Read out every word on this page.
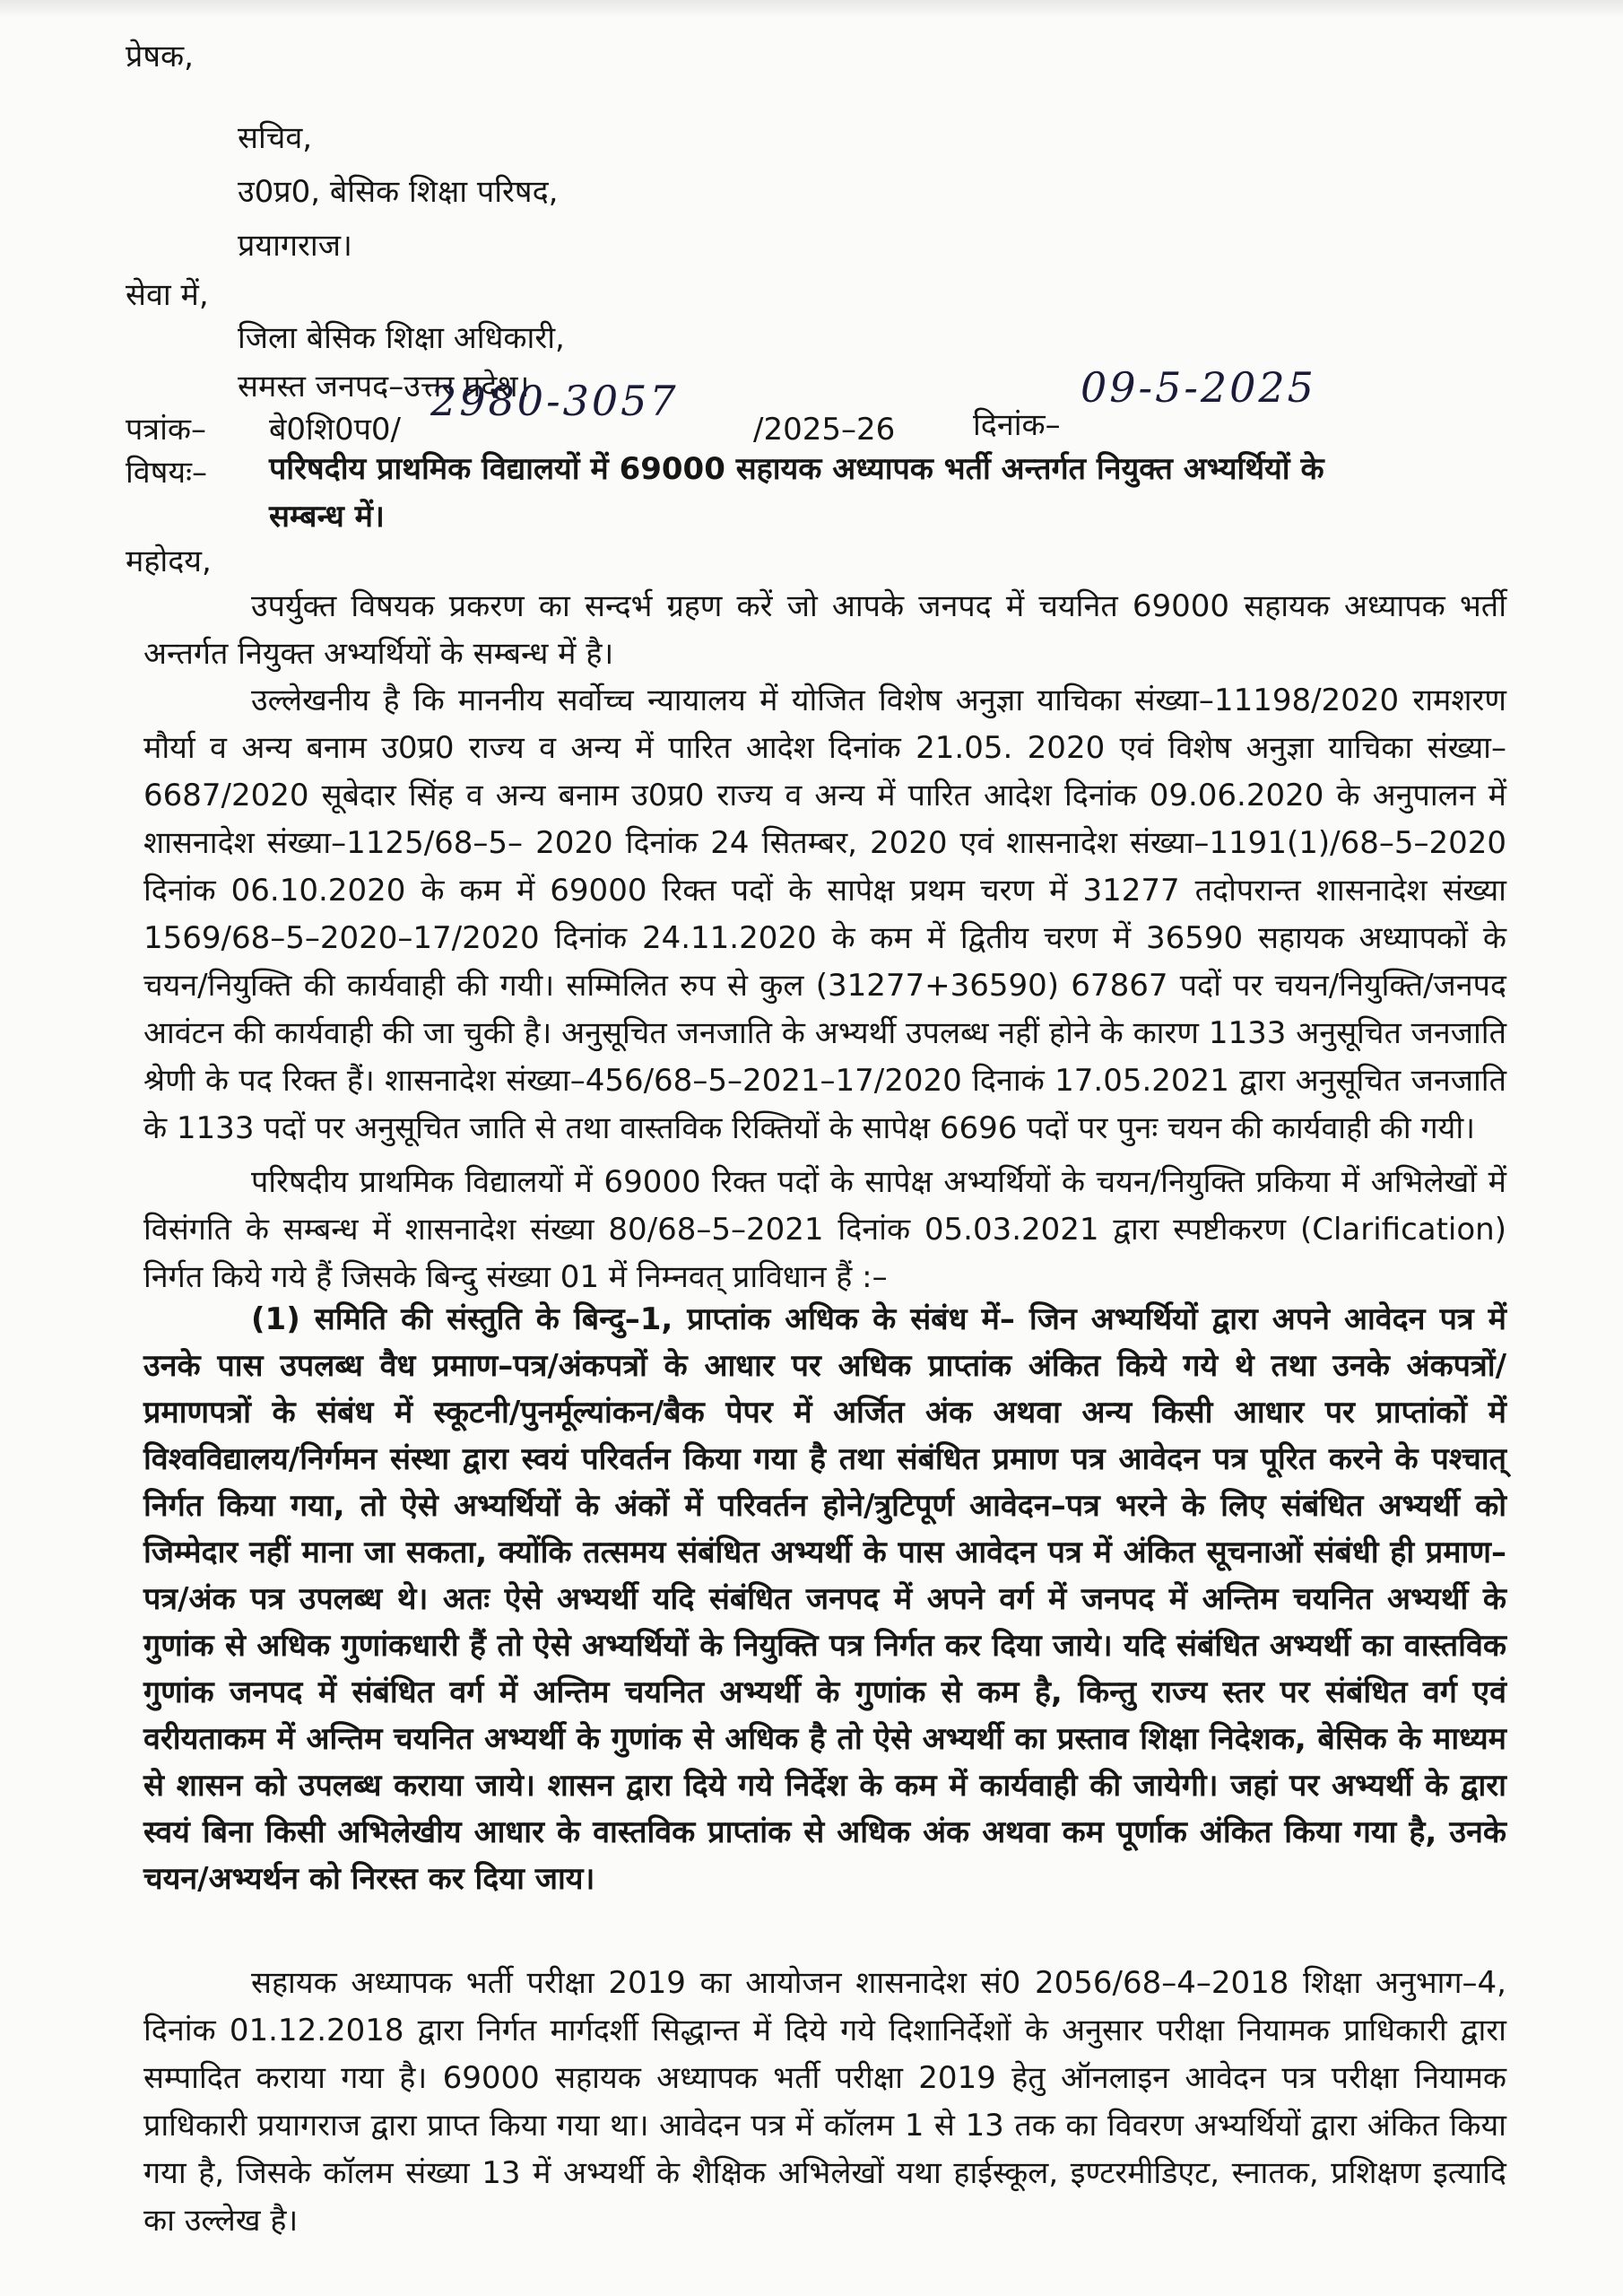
प्रेषक,
सचिव,
उ0प्र0, बेसिक शिक्षा परिषद,
प्रयागराज।
सेवा में,
जिला बेसिक शिक्षा अधिकारी,
समस्त जनपद–उत्तर प्रदेश।
पत्रांक– बे0शि0प0/
2980-3057
/2025–26	दिनांक–
09-5-2025
विषयः– परिषदीय प्राथमिक विद्यालयों में 69000 सहायक अध्यापक भर्ती अन्तर्गत नियुक्त अभ्यर्थियों के
सम्बन्ध में।
महोदय,
उपर्युक्त विषयक प्रकरण का सन्दर्भ ग्रहण करें जो आपके जनपद में चयनित 69000 सहायक अध्यापक भर्ती अन्तर्गत नियुक्त अभ्यर्थियों के सम्बन्ध में है।
उल्लेखनीय है कि माननीय सर्वोच्च न्यायालय में योजित विशेष अनुज्ञा याचिका संख्या–11198/2020 रामशरण मौर्या व अन्य बनाम उ0प्र0 राज्य व अन्य में पारित आदेश दिनांक 21.05. 2020 एवं विशेष अनुज्ञा याचिका संख्या–6687/2020 सूबेदार सिंह व अन्य बनाम उ0प्र0 राज्य व अन्य में पारित आदेश दिनांक 09.06.2020 के अनुपालन में शासनादेश संख्या–1125/68–5– 2020 दिनांक 24 सितम्बर, 2020 एवं शासनादेश संख्या–1191(1)/68–5–2020 दिनांक 06.10.2020 के कम में 69000 रिक्त पदों के सापेक्ष प्रथम चरण में 31277 तदोपरान्त शासनादेश संख्या 1569/68–5–2020–17/2020 दिनांक 24.11.2020 के कम में द्वितीय चरण में 36590 सहायक अध्यापकों के चयन/नियुक्ति की कार्यवाही की गयी। सम्मिलित रुप से कुल (31277+36590) 67867 पदों पर चयन/नियुक्ति/जनपद आवंटन की कार्यवाही की जा चुकी है। अनुसूचित जनजाति के अभ्यर्थी उपलब्ध नहीं होने के कारण 1133 अनुसूचित जनजाति श्रेणी के पद रिक्त हैं। शासनादेश संख्या–456/68–5–2021–17/2020 दिनाकं 17.05.2021 द्वारा अनुसूचित जनजाति के 1133 पदों पर अनुसूचित जाति से तथा वास्तविक रिक्तियों के सापेक्ष 6696 पदों पर पुनः चयन की कार्यवाही की गयी।
परिषदीय प्राथमिक विद्यालयों में 69000 रिक्त पदों के सापेक्ष अभ्यर्थियों के चयन/नियुक्ति प्रकिया में अभिलेखों में विसंगति के सम्बन्ध में शासनादेश संख्या 80/68–5–2021 दिनांक 05.03.2021 द्वारा स्पष्टीकरण (Clarification) निर्गत किये गये हैं जिसके बिन्दु संख्या 01 में निम्नवत् प्राविधान हैं :–
(1) समिति की संस्तुति के बिन्दु–1, प्राप्तांक अधिक के संबंध में– जिन अभ्यर्थियों द्वारा अपने आवेदन पत्र में उनके पास उपलब्ध वैध प्रमाण–पत्र/अंकपत्रों के आधार पर अधिक प्राप्तांक अंकित किये गये थे तथा उनके अंकपत्रों/प्रमाणपत्रों के संबंध में स्कूटनी/पुनर्मूल्यांकन/बैक पेपर में अर्जित अंक अथवा अन्य किसी आधार पर प्राप्तांकों में विश्वविद्यालय/निर्गमन संस्था द्वारा स्वयं परिवर्तन किया गया है तथा संबंधित प्रमाण पत्र आवेदन पत्र पूरित करने के पश्चात् निर्गत किया गया, तो ऐसे अभ्यर्थियों के अंकों में परिवर्तन होने/त्रुटिपूर्ण आवेदन–पत्र भरने के लिए संबंधित अभ्यर्थी को जिम्मेदार नहीं माना जा सकता, क्योंकि तत्समय संबंधित अभ्यर्थी के पास आवेदन पत्र में अंकित सूचनाओं संबंधी ही प्रमाण–पत्र/अंक पत्र उपलब्ध थे। अतः ऐसे अभ्यर्थी यदि संबंधित जनपद में अपने वर्ग में जनपद में अन्तिम चयनित अभ्यर्थी के गुणांक से अधिक गुणांकधारी हैं तो ऐसे अभ्यर्थियों के नियुक्ति पत्र निर्गत कर दिया जाये। यदि संबंधित अभ्यर्थी का वास्तविक गुणांक जनपद में संबंधित वर्ग में अन्तिम चयनित अभ्यर्थी के गुणांक से कम है, किन्तु राज्य स्तर पर संबंधित वर्ग एवं वरीयताकम में अन्तिम चयनित अभ्यर्थी के गुणांक से अधिक है तो ऐसे अभ्यर्थी का प्रस्ताव शिक्षा निदेशक, बेसिक के माध्यम से शासन को उपलब्ध कराया जाये। शासन द्वारा दिये गये निर्देश के कम में कार्यवाही की जायेगी। जहां पर अभ्यर्थी के द्वारा स्वयं बिना किसी अभिलेखीय आधार के वास्तविक प्राप्तांक से अधिक अंक अथवा कम पूर्णाक अंकित किया गया है, उनके चयन/अभ्यर्थन को निरस्त कर दिया जाय।
सहायक अध्यापक भर्ती परीक्षा 2019 का आयोजन शासनादेश सं0 2056/68–4–2018 शिक्षा अनुभाग–4, दिनांक 01.12.2018 द्वारा निर्गत मार्गदर्शी सिद्धान्त में दिये गये दिशानिर्देशों के अनुसार परीक्षा नियामक प्राधिकारी द्वारा सम्पादित कराया गया है। 69000 सहायक अध्यापक भर्ती परीक्षा 2019 हेतु ऑनलाइन आवेदन पत्र परीक्षा नियामक प्राधिकारी प्रयागराज द्वारा प्राप्त किया गया था। आवेदन पत्र में कॉलम 1 से 13 तक का विवरण अभ्यर्थियों द्वारा अंकित किया गया है, जिसके कॉलम संख्या 13 में अभ्यर्थी के शैक्षिक अभिलेखों यथा हाईस्कूल, इण्टरमीडिएट, स्नातक, प्रशिक्षण इत्यादि का उल्लेख है।
